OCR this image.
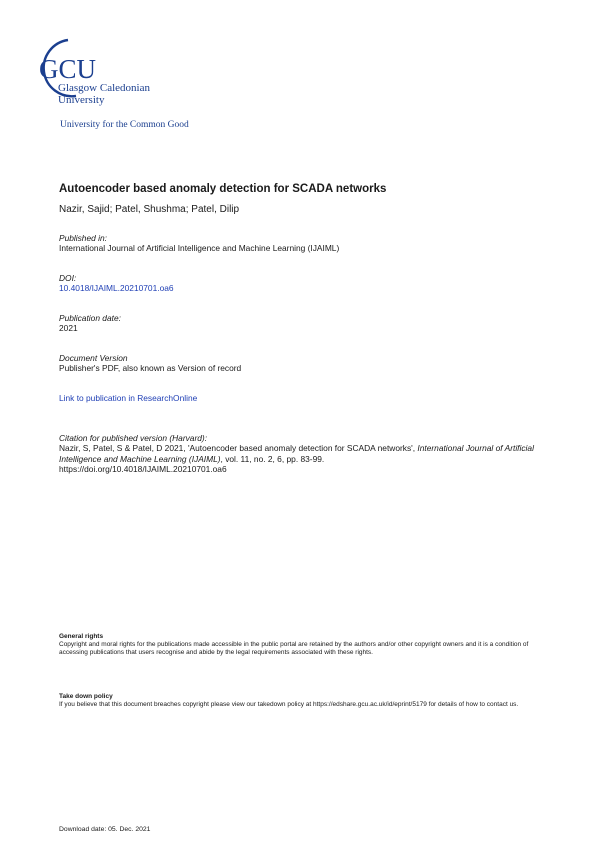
GCU
Glasgow Caledonian
University
University for the Common Good
Autoencoder based anomaly detection for SCADA networks
Nazir, Sajid; Patel, Shushma; Patel, Dilip
Published in:
International Journal of Artificial Intelligence and Machine Learning (IJAIML)
DOI:
10.4018/IJAIML.20210701.oa6
Publication date:
2021
Document Version
Publisher's PDF, also known as Version of record
Link to publication in ResearchOnline
Citation for published version (Harvard):
Nazir, S, Patel, S & Patel, D 2021, 'Autoencoder based anomaly detection for SCADA networks', International Journal of Artificial Intelligence and Machine Learning (IJAIML), vol. 11, no. 2, 6, pp. 83-99.
https://doi.org/10.4018/IJAIML.20210701.oa6
General rights
Copyright and moral rights for the publications made accessible in the public portal are retained by the authors and/or other copyright owners and it is a condition of accessing publications that users recognise and abide by the legal requirements associated with these rights.
Take down policy
If you believe that this document breaches copyright please view our takedown policy at https://edshare.gcu.ac.uk/id/eprint/5179 for details of how to contact us.
Download date: 05. Dec. 2021
